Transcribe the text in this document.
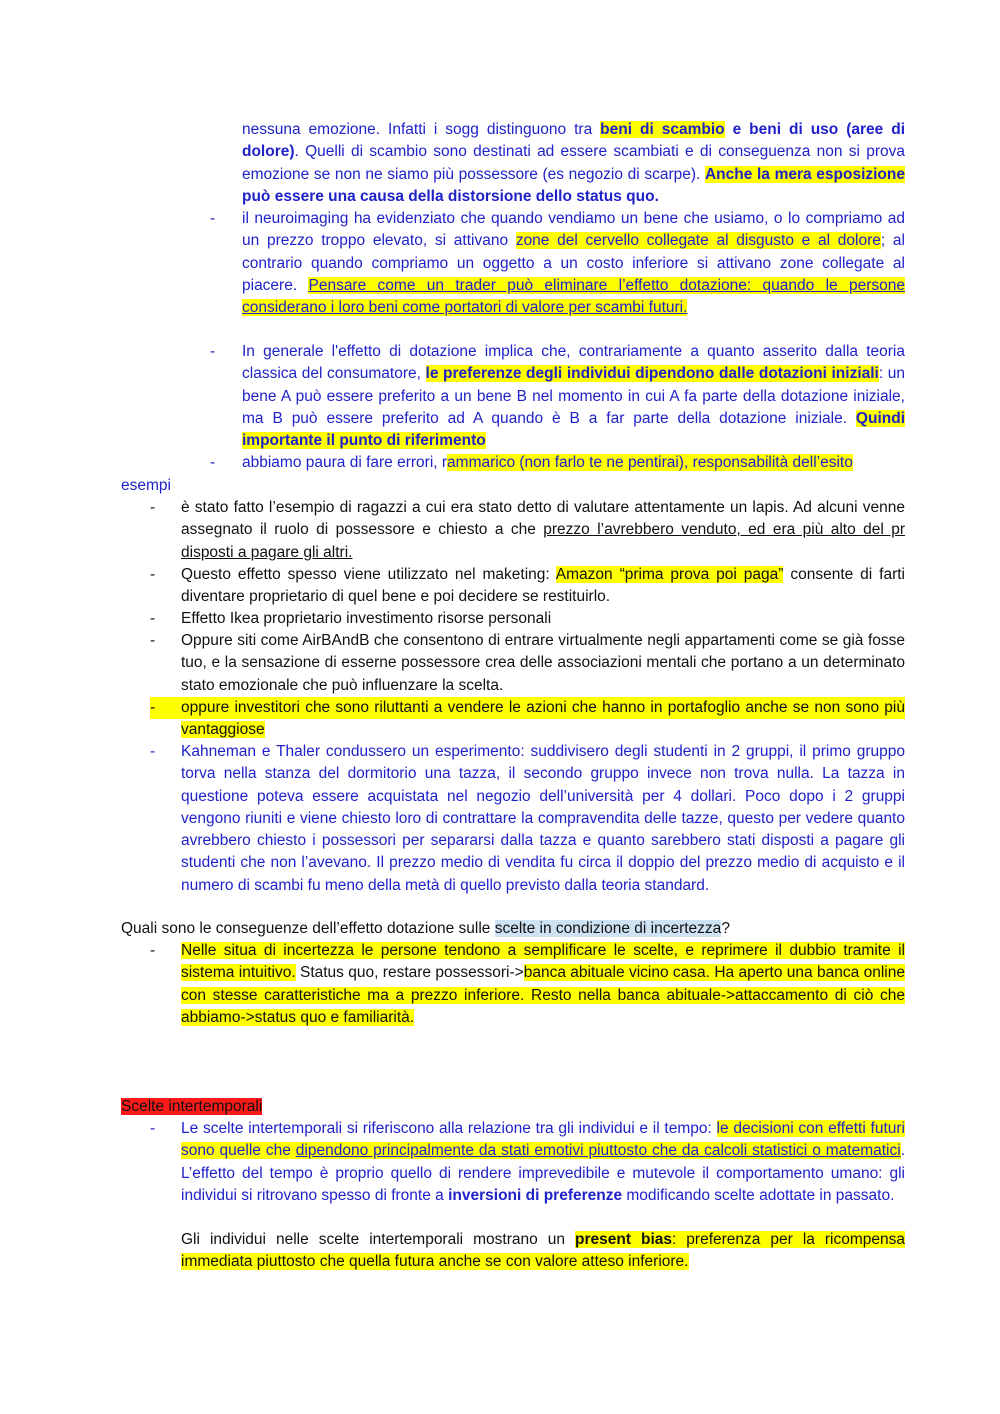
nessuna emozione. Infatti i sogg distinguono tra beni di scambio e beni di uso (aree di dolore). Quelli di scambio sono destinati ad essere scambiati e di conseguenza non si prova emozione se non ne siamo più possessore (es negozio di scarpe). Anche la mera esposizione può essere una causa della distorsione dello status quo.
- il neuroimaging ha evidenziato che quando vendiamo un bene che usiamo, o lo compriamo ad un prezzo troppo elevato, si attivano zone del cervello collegate al disgusto e al dolore; al contrario quando compriamo un oggetto a un costo inferiore si attivano zone collegate al piacere. Pensare come un trader può eliminare l’effetto dotazione: quando le persone considerano i loro beni come portatori di valore per scambi futuri.
- In generale l'effetto di dotazione implica che, contrariamente a quanto asserito dalla teoria classica del consumatore, le preferenze degli individui dipendono dalle dotazioni iniziali: un bene A può essere preferito a un bene B nel momento in cui A fa parte della dotazione iniziale, ma B può essere preferito ad A quando è B a far parte della dotazione iniziale. Quindi importante il punto di riferimento
- abbiamo paura di fare errori, rammarico (non farlo te ne pentirai), responsabilità dell’esito
esempi
- è stato fatto l’esempio di ragazzi a cui era stato detto di valutare attentamente un lapis. Ad alcuni venne assegnato il ruolo di possessore e chiesto a che prezzo l’avrebbero venduto, ed era più alto del pr disposti a pagare gli altri.
- Questo effetto spesso viene utilizzato nel maketing: Amazon “prima prova poi paga” consente di farti diventare proprietario di quel bene e poi decidere se restituirlo.
- Effetto Ikea proprietario investimento risorse personali
- Oppure siti come AirBAndB che consentono di entrare virtualmente negli appartamenti come se già fosse tuo, e la sensazione di esserne possessore crea delle associazioni mentali che portano a un determinato stato emozionale che può influenzare la scelta.
- oppure investitori che sono riluttanti a vendere le azioni che hanno in portafoglio anche se non sono più vantaggiose
- Kahneman e Thaler condussero un esperimento: suddivisero degli studenti in 2 gruppi, il primo gruppo torva nella stanza del dormitorio una tazza, il secondo gruppo invece non trova nulla. La tazza in questione poteva essere acquistata nel negozio dell’università per 4 dollari. Poco dopo i 2 gruppi vengono riuniti e viene chiesto loro di contrattare la compravendita delle tazze, questo per vedere quanto avrebbero chiesto i possessori per separarsi dalla tazza e quanto sarebbero stati disposti a pagare gli studenti che non l’avevano. Il prezzo medio di vendita fu circa il doppio del prezzo medio di acquisto e il numero di scambi fu meno della metà di quello previsto dalla teoria standard.
Quali sono le conseguenze dell’effetto dotazione sulle scelte in condizione di incertezza?
- Nelle situa di incertezza le persone tendono a semplificare le scelte, e reprimere il dubbio tramite il sistema intuitivo. Status quo, restare possessori->banca abituale vicino casa. Ha aperto una banca online con stesse caratteristiche ma a prezzo inferiore. Resto nella banca abituale->attaccamento di ciò che abbiamo->status quo e familiarità.
Scelte intertemporali
- Le scelte intertemporali si riferiscono alla relazione tra gli individui e il tempo: le decisioni con effetti futuri sono quelle che dipendono principalmente da stati emotivi piuttosto che da calcoli statistici o matematici. L’effetto del tempo è proprio quello di rendere imprevedibile e mutevole il comportamento umano: gli individui si ritrovano spesso di fronte a inversioni di preferenze modificando scelte adottate in passato.
Gli individui nelle scelte intertemporali mostrano un present bias: preferenza per la ricompensa immediata piuttosto che quella futura anche se con valore atteso inferiore.
